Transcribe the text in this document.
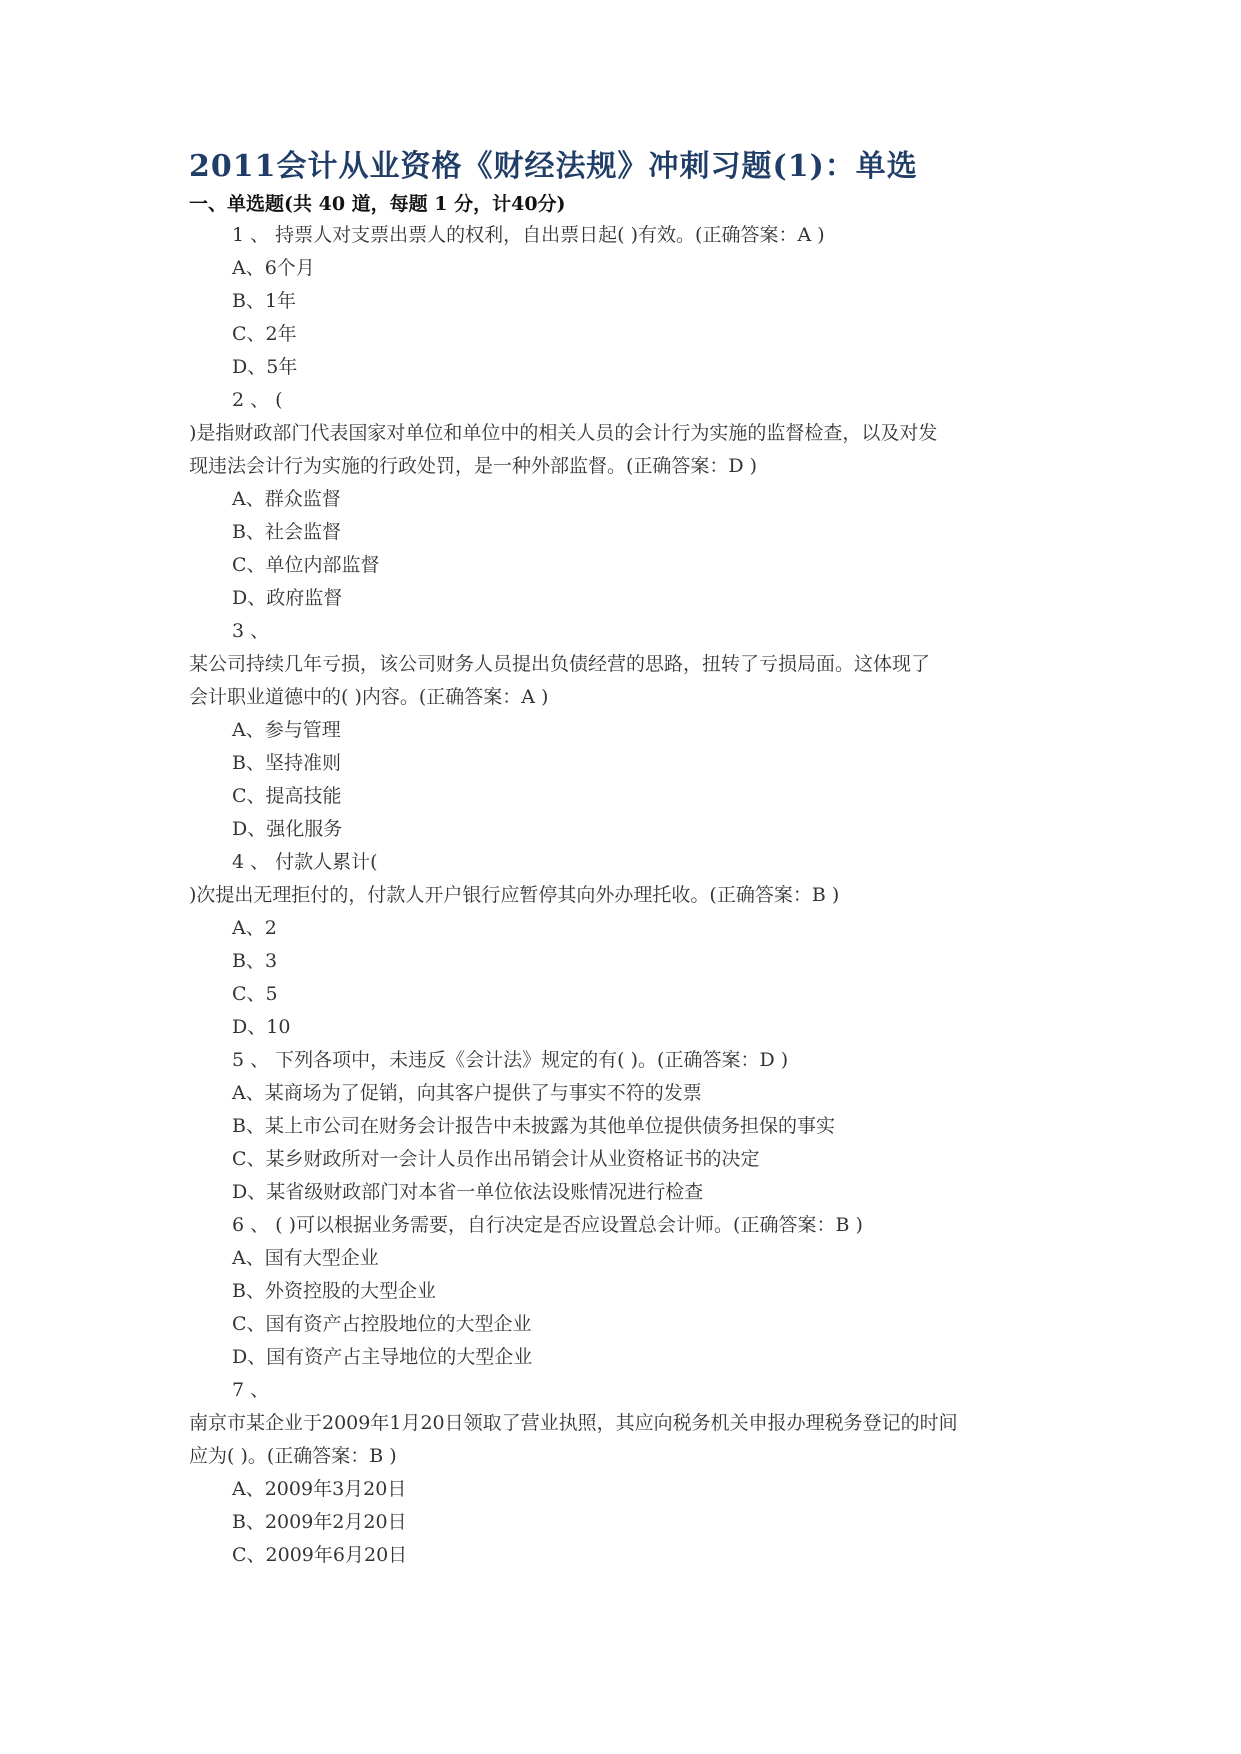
2011会计从业资格《财经法规》冲刺习题(1)：单选
一、单选题(共 40 道，每题 1 分，计40分)
1 、 持票人对支票出票人的权利，自出票日起( )有效。(正确答案：A )
A、6个月
B、1年
C、2年
D、5年
2 、 (
)是指财政部门代表国家对单位和单位中的相关人员的会计行为实施的监督检查，以及对发
现违法会计行为实施的行政处罚，是一种外部监督。(正确答案：D )
A、群众监督
B、社会监督
C、单位内部监督
D、政府监督
3 、
某公司持续几年亏损，该公司财务人员提出负债经营的思路，扭转了亏损局面。这体现了
会计职业道德中的( )内容。(正确答案：A )
A、参与管理
B、坚持准则
C、提高技能
D、强化服务
4 、 付款人累计(
)次提出无理拒付的，付款人开户银行应暂停其向外办理托收。(正确答案：B )
A、2
B、3
C、5
D、10
5 、 下列各项中，未违反《会计法》规定的有( )。(正确答案：D )
A、某商场为了促销，向其客户提供了与事实不符的发票
B、某上市公司在财务会计报告中未披露为其他单位提供债务担保的事实
C、某乡财政所对一会计人员作出吊销会计从业资格证书的决定
D、某省级财政部门对本省一单位依法设账情况进行检查
6 、 ( )可以根据业务需要，自行决定是否应设置总会计师。(正确答案：B )
A、国有大型企业
B、外资控股的大型企业
C、国有资产占控股地位的大型企业
D、国有资产占主导地位的大型企业
7 、
南京市某企业于2009年1月20日领取了营业执照，其应向税务机关申报办理税务登记的时间
应为( )。(正确答案：B )
A、2009年3月20日
B、2009年2月20日
C、2009年6月20日
